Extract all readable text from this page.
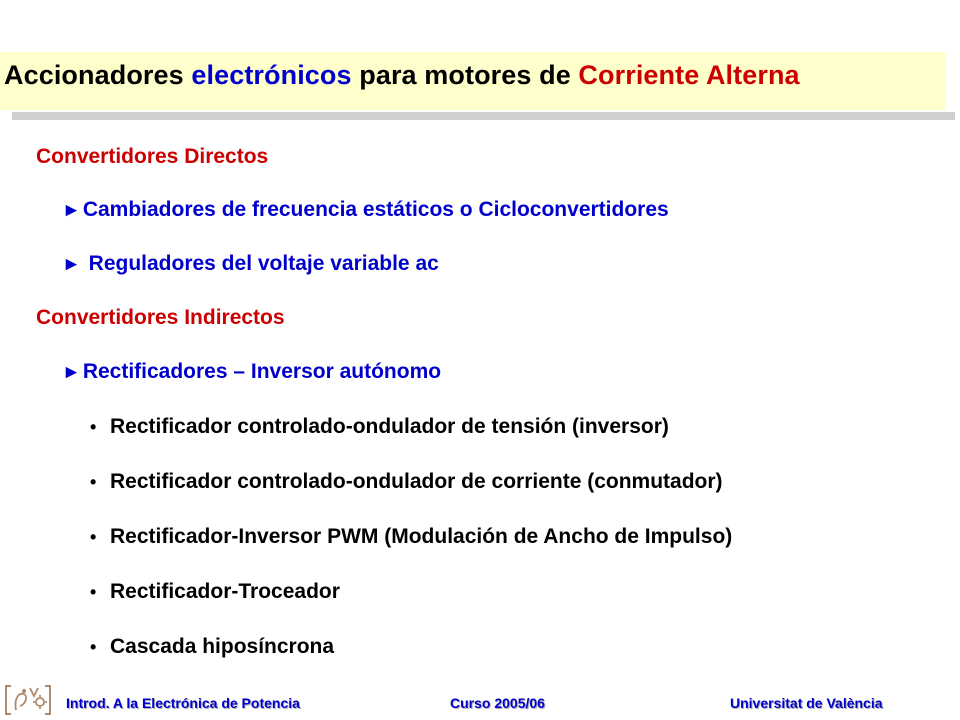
Accionadores electrónicos para motores de Corriente Alterna
Convertidores Directos
►Cambiadores de frecuencia estáticos o Cicloconvertidores
► Reguladores del voltaje variable ac
Convertidores Indirectos
►Rectificadores – Inversor autónomo
• Rectificador controlado-ondulador de tensión (inversor)
• Rectificador controlado-ondulador de corriente (conmutador)
• Rectificador-Inversor PWM (Modulación de Ancho de Impulso)
• Rectificador-Troceador
• Cascada hiposíncrona
Introd. A la Electrónica de Potencia	Curso 2005/06	Universitat de València
